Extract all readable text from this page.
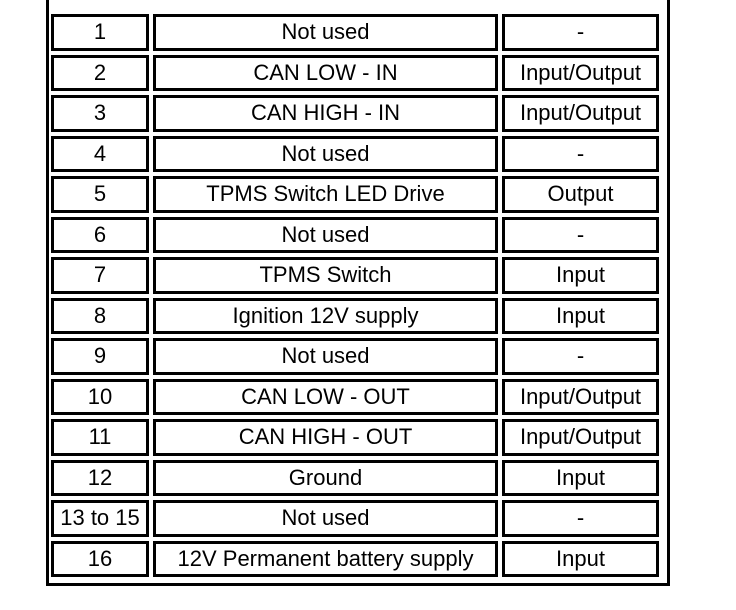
1	Not used	-
2	CAN LOW - IN	Input/Output
3	CAN HIGH - IN	Input/Output
4	Not used	-
5	TPMS Switch LED Drive	Output
6	Not used	-
7	TPMS Switch	Input
8	Ignition 12V supply	Input
9	Not used	-
10	CAN LOW - OUT	Input/Output
11	CAN HIGH - OUT	Input/Output
12	Ground	Input
13 to 15	Not used	-
16	12V Permanent battery supply	Input
